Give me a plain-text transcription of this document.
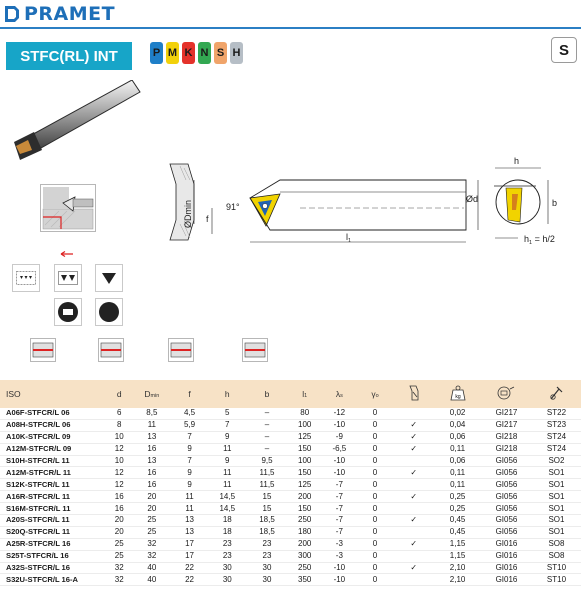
PRAMET
STFC(RL) INT	P M K N S H	S
ØDmin f
91°
Ød
$l_1$
h
b
$h_1 = h/2$
ISO	d	Dmin	f	h	b	l1	λs	γo		kg

A06F-STFCR/L 06	6	8,5	4,5	5	–	80	-12	0		0,02	GI217	ST22
A08H-STFCR/L 06	8	11	5,9	7	–	100	-10	0	✓	0,04	GI217	ST23
A10K-STFCR/L 09	10	13	7	9	–	125	-9	0	✓	0,06	GI218	ST24
A12M-STFCR/L 09	12	16	9	11	–	150	-6,5	0	✓	0,11	GI218	ST24
S10H-STFCR/L 11	10	13	7	9	9,5	100	-10	0		0,06	GI056	SO2
A12M-STFCR/L 11	12	16	9	11	11,5	150	-10	0	✓	0,11	GI056	SO1
S12K-STFCR/L 11	12	16	9	11	11,5	125	-7	0		0,11	GI056	SO1
A16R-STFCR/L 11	16	20	11	14,5	15	200	-7	0	✓	0,25	GI056	SO1
S16M-STFCR/L 11	16	20	11	14,5	15	150	-7	0		0,25	GI056	SO1
A20S-STFCR/L 11	20	25	13	18	18,5	250	-7	0	✓	0,45	GI056	SO1
S20Q-STFCR/L 11	20	25	13	18	18,5	180	-7	0		0,45	GI056	SO1
A25R-STFCR/L 16	25	32	17	23	23	200	-3	0	✓	1,15	GI016	SO8
S25T-STFCR/L 16	25	32	17	23	23	300	-3	0		1,15	GI016	SO8
A32S-STFCR/L 16	32	40	22	30	30	250	-10	0	✓	2,10	GI016	ST10
S32U-STFCR/L 16-A	32	40	22	30	30	350	-10	0		2,10	GI016	ST10
